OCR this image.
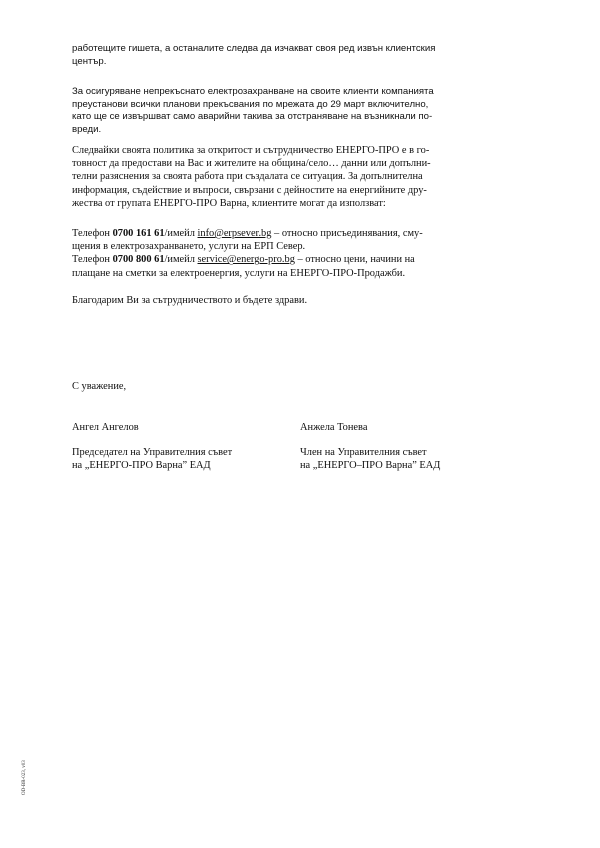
работещите гишета, а останалите следва да изчакват своя ред извън клиентския
център.
За осигуряване непрекъснато електрозахранване на своите клиенти компанията
преустанови всички планови прекъсвания по мрежата до 29 март включително,
като ще се извършват само аварийни такива за отстраняване на възникнали по-
вреди.
Следвайки своята политика за откритост и сътрудничество ЕНЕРГО-ПРО е в го-
товност да предостави на Вас и жителите на община/село… данни или допълни-
телни разяснения за своята работа при създалата се ситуация. За допълнителна
информация, съдействие и въпроси, свързани с дейностите на енергийните дру-
жества от групата ЕНЕРГО-ПРО Варна, клиентите могат да използват:
Телефон 0700 161 61/имейл info@erpsever.bg – относно присъединявания, сму-
щения в електрозахранването, услуги на ЕРП Север.
Телефон 0700 800 61/имейл service@energo-pro.bg – относно цени, начини на
плащане на сметки за електроенергия, услуги на ЕНЕРГО-ПРО-Продажби.
Благодарим Ви за сътрудничеството и бъдете здрави.
С уважение,
Ангел Ангелов
Председател на Управителния съвет
на „ЕНЕРГО-ПРО Варна” ЕАД
Анжела Тонева
Член на Управителния съвет
на „ЕНЕРГО–ПРО Варна” ЕАД
OD-BR-023, v03
